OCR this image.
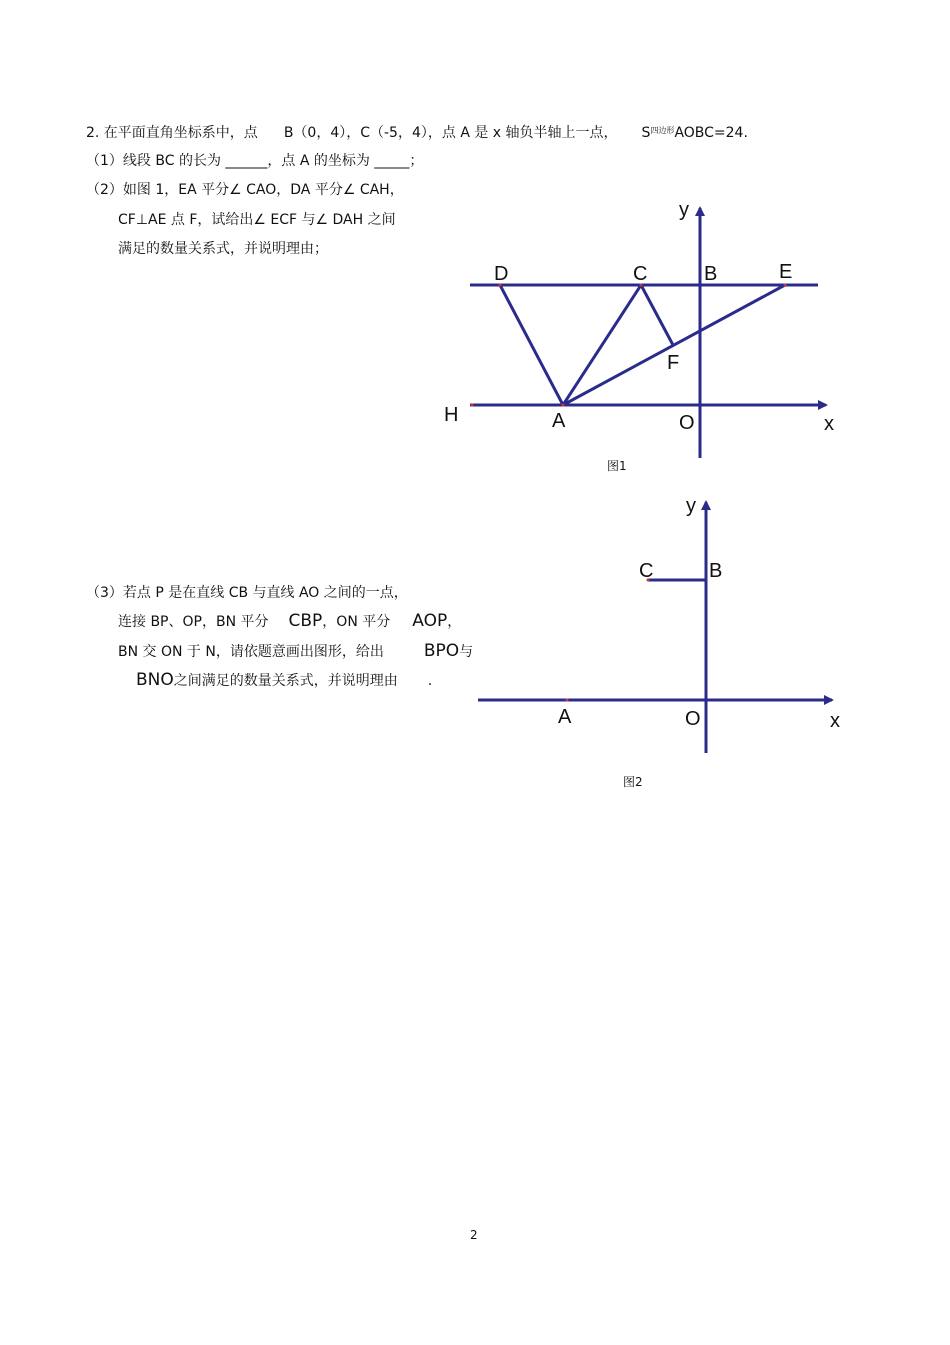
2. 在平面直角坐标系中，点 B（0，4），C（-5，4），点 A 是 x 轴负半轴上一点， $S^{四边形}AOBC=24$.
（1）线段 BC 的长为 ______，点 A 的坐标为 _____；
（2）如图 1，EA 平分∠ CAO，DA 平分∠ CAH，
CF⊥AE 点 F，试给出∠ ECF 与∠ DAH 之间
满足的数量关系式，并说明理由；
（3）若点 P 是在直线 CB 与直线 AO 之间的一点，
连接 BP、OP，BN 平分 CBP，ON 平分 AOP，
BN 交 ON 于 N，请依题意画出图形，给出 BPO与
BNO之间满足的数量关系式，并说明理由 .
y
D	C	B	E
F
H	A	O	x
图1
y
C	B
A	O	x
图2
2
